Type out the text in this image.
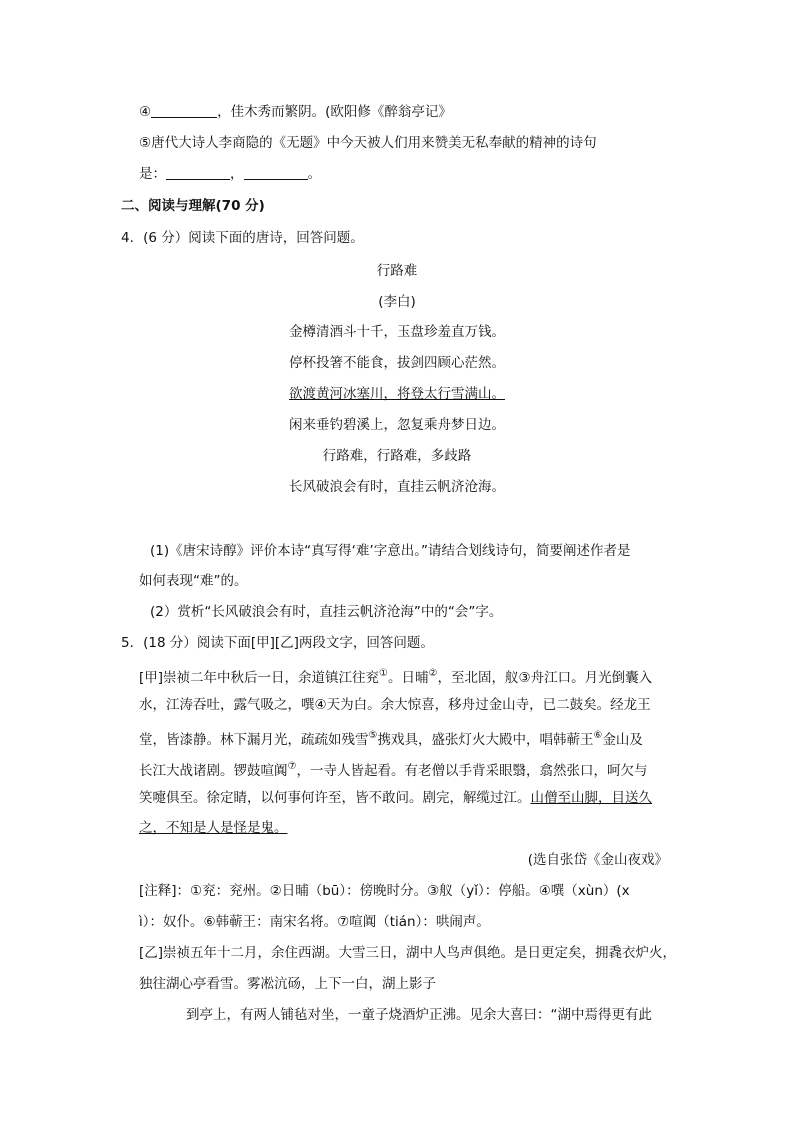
④	，佳木秀而繁阴。(欧阳修《醉翁亭记》
⑤唐代大诗人李商隐的《无题》中今天被人们用来赞美无私奉献的精神的诗句
是：	，	。
二、阅读与理解(70 分)
4．(6 分）阅读下面的唐诗，回答问题。
行路难
(李白)
金樽清酒斗十千，玉盘珍羞直万钱。
停杯投箸不能食，拔剑四顾心茫然。
欲渡黄河冰塞川，将登太行雪满山。
闲来垂钓碧溪上，忽复乘舟梦日边。
行路难，行路难，多歧路
长风破浪会有时，直挂云帆济沧海。
(1)《唐宋诗醇》评价本诗“真写得‘难’字意出。”请结合划线诗句，简要阐述作者是
如何表现“难”的。
(2）赏析“长风破浪会有时，直挂云帆济沧海”中的“会”字。
5．(18 分）阅读下面[甲][乙]两段文字，回答问题。
[甲]崇祯二年中秋后一日，余道镇江往兖①。日晡②，至北固，舣③舟江口。月光倒囊入
水，江涛吞吐，露气吸之，噀④天为白。余大惊喜，移舟过金山寺，已二鼓矣。经龙王
堂，皆漆静。林下漏月光，疏疏如残雪⑤携戏具，盛张灯火大殿中，唱韩蕲王⑥金山及
长江大战诸剧。锣鼓喧阗⑦，一寺人皆起看。有老僧以手背采眼翳，翕然张口，呵欠与
笑嚏俱至。徐定睛，以何事何许至，皆不敢问。剧完，解缆过江。山僧至山脚，目送久
之，不知是人是怪是鬼。
(选自张岱《金山夜戏》
[注释]：①兖：兖州。②日晡（bū）：傍晚时分。③舣（yǐ）：停船。④噀（xùn）(x
ì）：奴仆。⑥韩蕲王：南宋名将。⑦喧阗（tián）：哄闹声。
[乙]崇祯五年十二月，余住西湖。大雪三日，湖中人鸟声俱绝。是日更定矣，拥毳衣炉火，
独往湖心亭看雪。雾凇沆砀，上下一白，湖上影子
到亭上，有两人铺毡对坐，一童子烧酒炉正沸。见余大喜曰：“湖中焉得更有此
